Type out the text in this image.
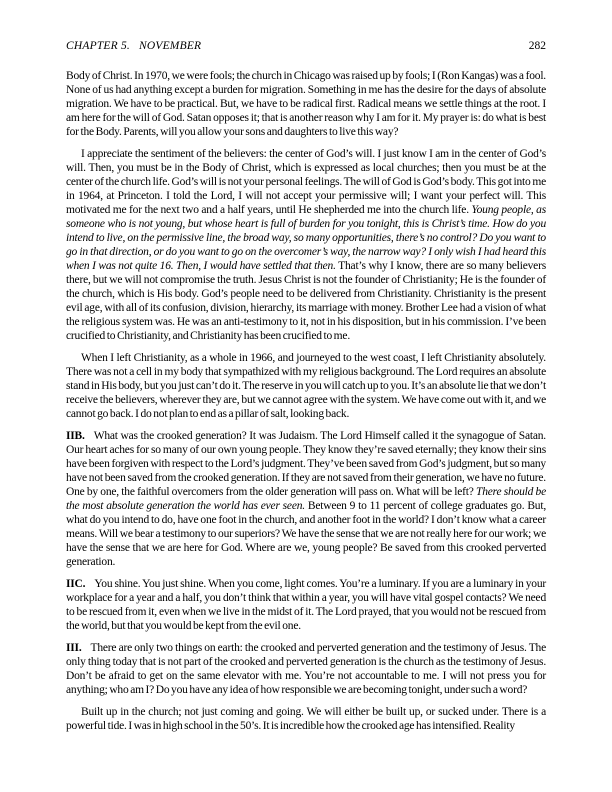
CHAPTER 5. NOVEMBER	282

Body of Christ. In 1970, we were fools; the church in Chicago was raised up by fools; I (Ron Kangas) was a fool. None of us had anything except a burden for migration. Something in me has the desire for the days of absolute migration. We have to be practical. But, we have to be radical first. Radical means we settle things at the root. I am here for the will of God. Satan opposes it; that is another reason why I am for it. My prayer is: do what is best for the Body. Parents, will you allow your sons and daughters to live this way?

I appreciate the sentiment of the believers: the center of God’s will. I just know I am in the center of God’s will. Then, you must be in the Body of Christ, which is expressed as local churches; then you must be at the center of the church life. God’s will is not your personal feelings. The will of God is God’s body. This got into me in 1964, at Princeton. I told the Lord, I will not accept your permissive will; I want your perfect will. This motivated me for the next two and a half years, until He shepherded me into the church life. Young people, as someone who is not young, but whose heart is full of burden for you tonight, this is Christ’s time. How do you intend to live, on the permissive line, the broad way, so many opportunities, there’s no control? Do you want to go in that direction, or do you want to go on the overcomer’s way, the narrow way? I only wish I had heard this when I was not quite 16. Then, I would have settled that then. That’s why I know, there are so many believers there, but we will not compromise the truth. Jesus Christ is not the founder of Christianity; He is the founder of the church, which is His body. God’s people need to be delivered from Christianity. Christianity is the present evil age, with all of its confusion, division, hierarchy, its marriage with money. Brother Lee had a vision of what the religious system was. He was an anti-testimony to it, not in his disposition, but in his commission. I’ve been crucified to Christianity, and Christianity has been crucified to me.

When I left Christianity, as a whole in 1966, and journeyed to the west coast, I left Christianity absolutely. There was not a cell in my body that sympathized with my religious background. The Lord requires an absolute stand in His body, but you just can’t do it. The reserve in you will catch up to you. It’s an absolute lie that we don’t receive the believers, wherever they are, but we cannot agree with the system. We have come out with it, and we cannot go back. I do not plan to end as a pillar of salt, looking back.

IIB. What was the crooked generation? It was Judaism. The Lord Himself called it the synagogue of Satan. Our heart aches for so many of our own young people. They know they’re saved eternally; they know their sins have been forgiven with respect to the Lord’s judgment. They’ve been saved from God’s judgment, but so many have not been saved from the crooked generation. If they are not saved from their generation, we have no future. One by one, the faithful overcomers from the older generation will pass on. What will be left? There should be the most absolute generation the world has ever seen. Between 9 to 11 percent of college graduates go. But, what do you intend to do, have one foot in the church, and another foot in the world? I don’t know what a career means. Will we bear a testimony to our superiors? We have the sense that we are not really here for our work; we have the sense that we are here for God. Where are we, young people? Be saved from this crooked perverted generation.

IIC. You shine. You just shine. When you come, light comes. You’re a luminary. If you are a luminary in your workplace for a year and a half, you don’t think that within a year, you will have vital gospel contacts? We need to be rescued from it, even when we live in the midst of it. The Lord prayed, that you would not be rescued from the world, but that you would be kept from the evil one.

III. There are only two things on earth: the crooked and perverted generation and the testimony of Jesus. The only thing today that is not part of the crooked and perverted generation is the church as the testimony of Jesus. Don’t be afraid to get on the same elevator with me. You’re not accountable to me. I will not press you for anything; who am I? Do you have any idea of how responsible we are becoming tonight, under such a word?

Built up in the church; not just coming and going. We will either be built up, or sucked under. There is a powerful tide. I was in high school in the 50’s. It is incredible how the crooked age has intensified. Reality
